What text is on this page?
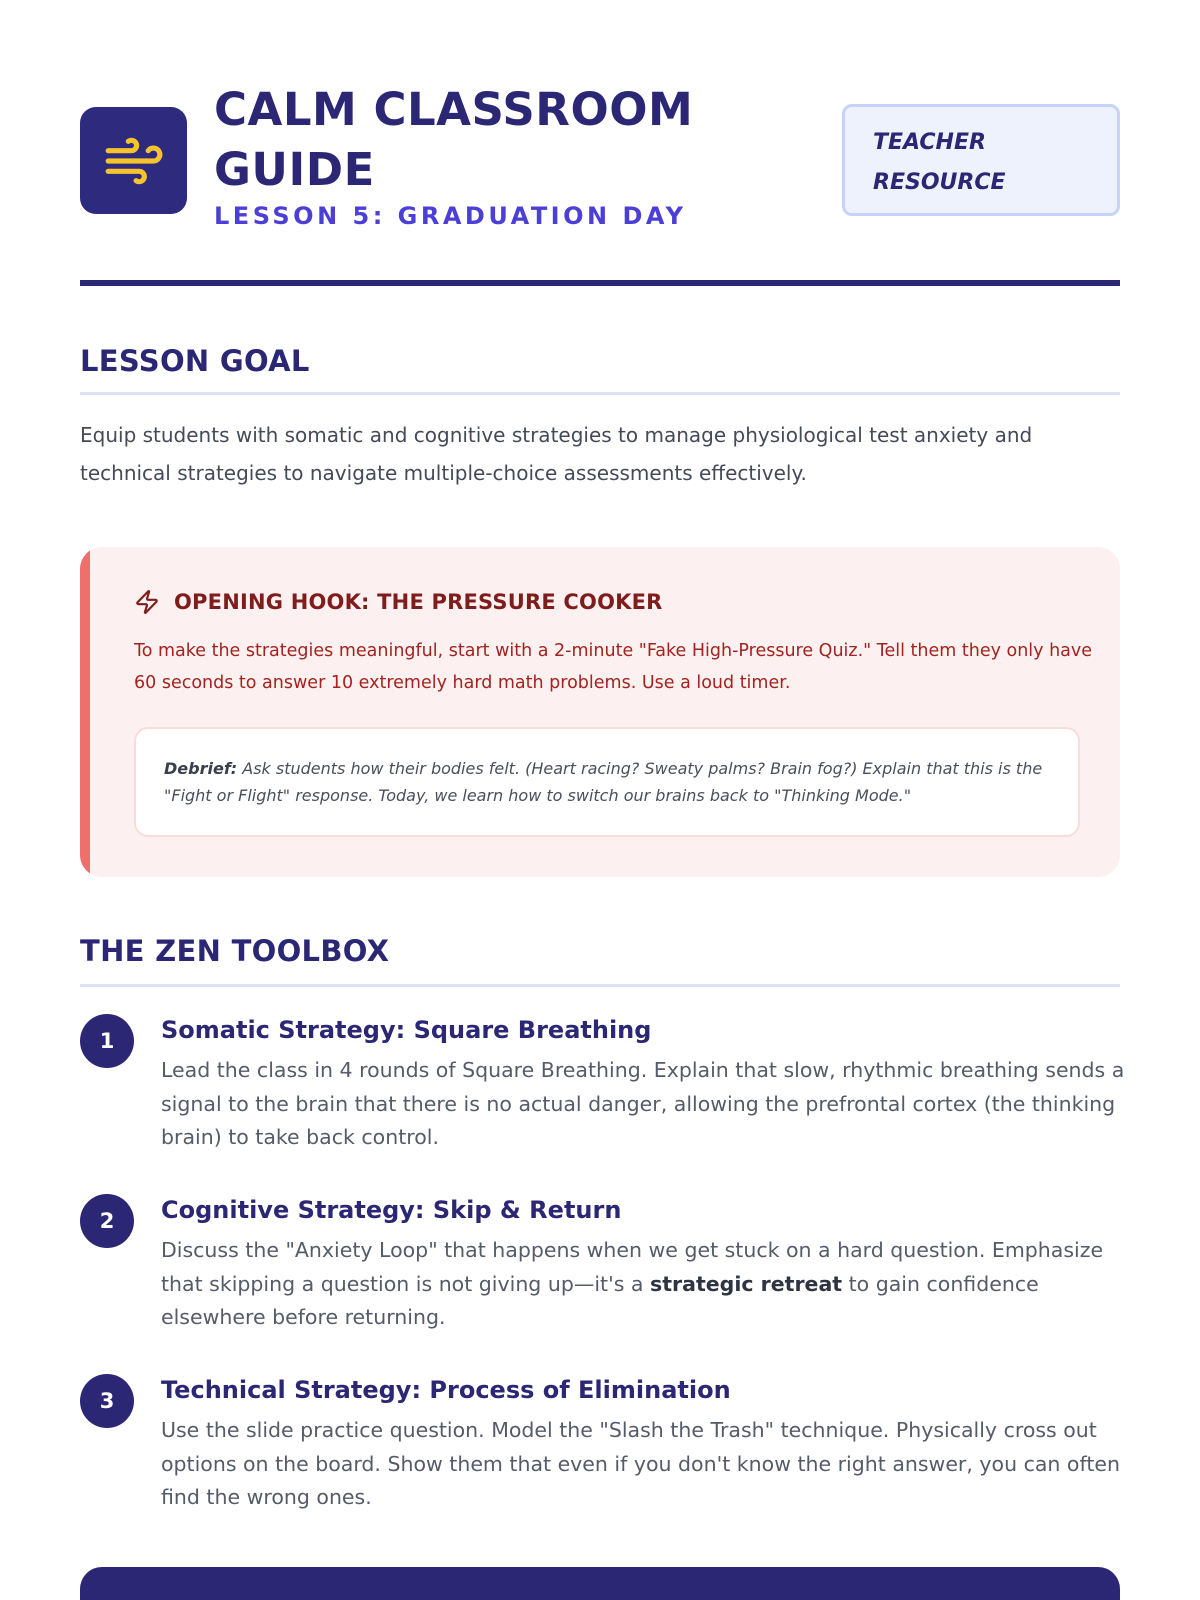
CALM CLASSROOM
GUIDE
LESSON 5: GRADUATION DAY
TEACHER
RESOURCE
LESSON GOAL
Equip students with somatic and cognitive strategies to manage physiological test anxiety and technical strategies to navigate multiple-choice assessments effectively.
OPENING HOOK: THE PRESSURE COOKER
To make the strategies meaningful, start with a 2-minute "Fake High-Pressure Quiz." Tell them they only have 60 seconds to answer 10 extremely hard math problems. Use a loud timer.
Debrief: Ask students how their bodies felt. (Heart racing? Sweaty palms? Brain fog?) Explain that this is the "Fight or Flight" response. Today, we learn how to switch our brains back to "Thinking Mode."
THE ZEN TOOLBOX
1	Somatic Strategy: Square Breathing
Lead the class in 4 rounds of Square Breathing. Explain that slow, rhythmic breathing sends a signal to the brain that there is no actual danger, allowing the prefrontal cortex (the thinking brain) to take back control.
2	Cognitive Strategy: Skip & Return
Discuss the "Anxiety Loop" that happens when we get stuck on a hard question. Emphasize that skipping a question is not giving up—it's a strategic retreat to gain confidence elsewhere before returning.
3	Technical Strategy: Process of Elimination
Use the slide practice question. Model the "Slash the Trash" technique. Physically cross out options on the board. Show them that even if you don't know the right answer, you can often find the wrong ones.
